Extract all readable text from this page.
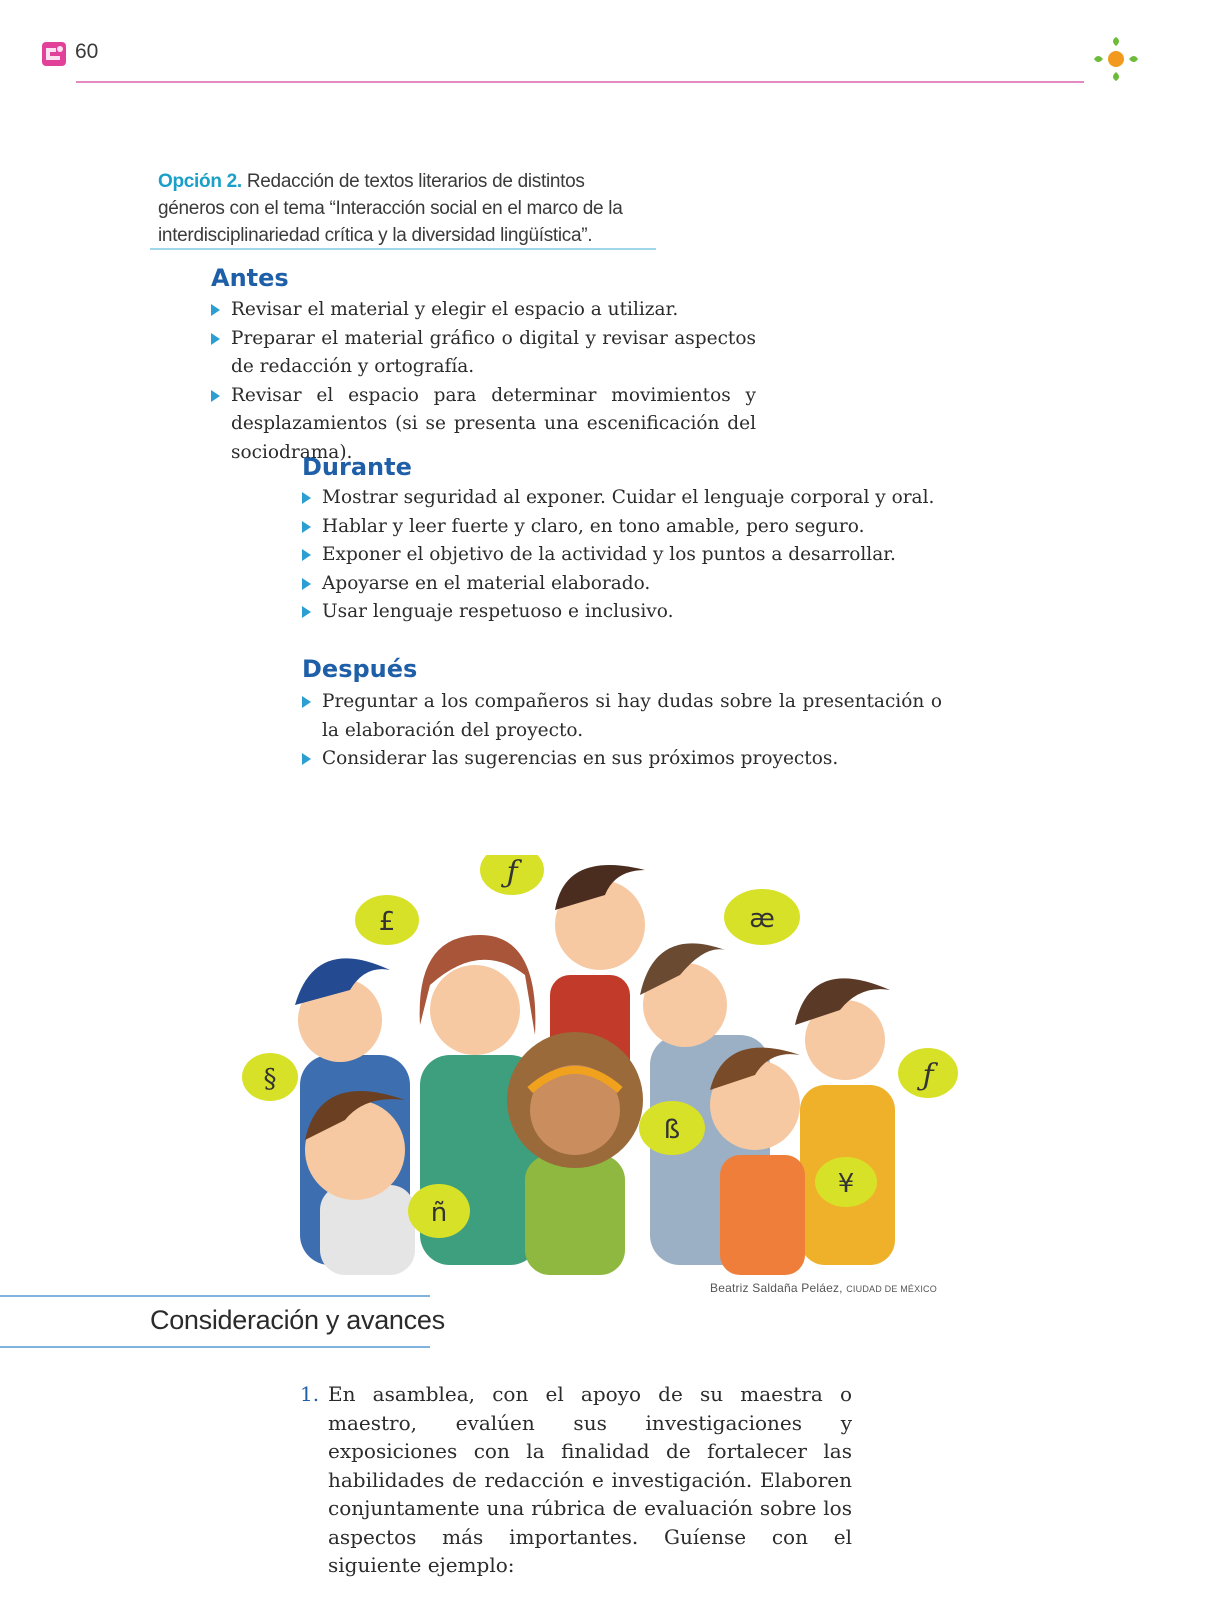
60
Opción 2. Redacción de textos literarios de distintos géneros con el tema “Interacción social en el marco de la interdisciplinariedad crítica y la diversidad lingüística”.
Antes
Revisar el material y elegir el espacio a utilizar.
Preparar el material gráfico o digital y revisar aspectos de redacción y ortografía.
Revisar el espacio para determinar movimientos y desplazamientos (si se presenta una escenificación del sociodrama).
Durante
Mostrar seguridad al exponer. Cuidar el lenguaje corporal y oral.
Hablar y leer fuerte y claro, en tono amable, pero seguro.
Exponer el objetivo de la actividad y los puntos a desarrollar.
Apoyarse en el material elaborado.
Usar lenguaje respetuoso e inclusivo.
Después
Preguntar a los compañeros si hay dudas sobre la presentación o la elaboración del proyecto.
Considerar las sugerencias en sus próximos proyectos.
ƒ
£	æ
§
ß
ƒ
ñ
¥
Beatriz Saldaña Peláez, CIUDAD DE MÉXICO
Consideración y avances
1. En asamblea, con el apoyo de su maestra o maestro, evalúen sus investigaciones y exposiciones con la finalidad de fortalecer las habilidades de redacción e investigación. Elaboren conjuntamente una rúbrica de evaluación sobre los aspectos más importantes. Guíense con el siguiente ejemplo:
